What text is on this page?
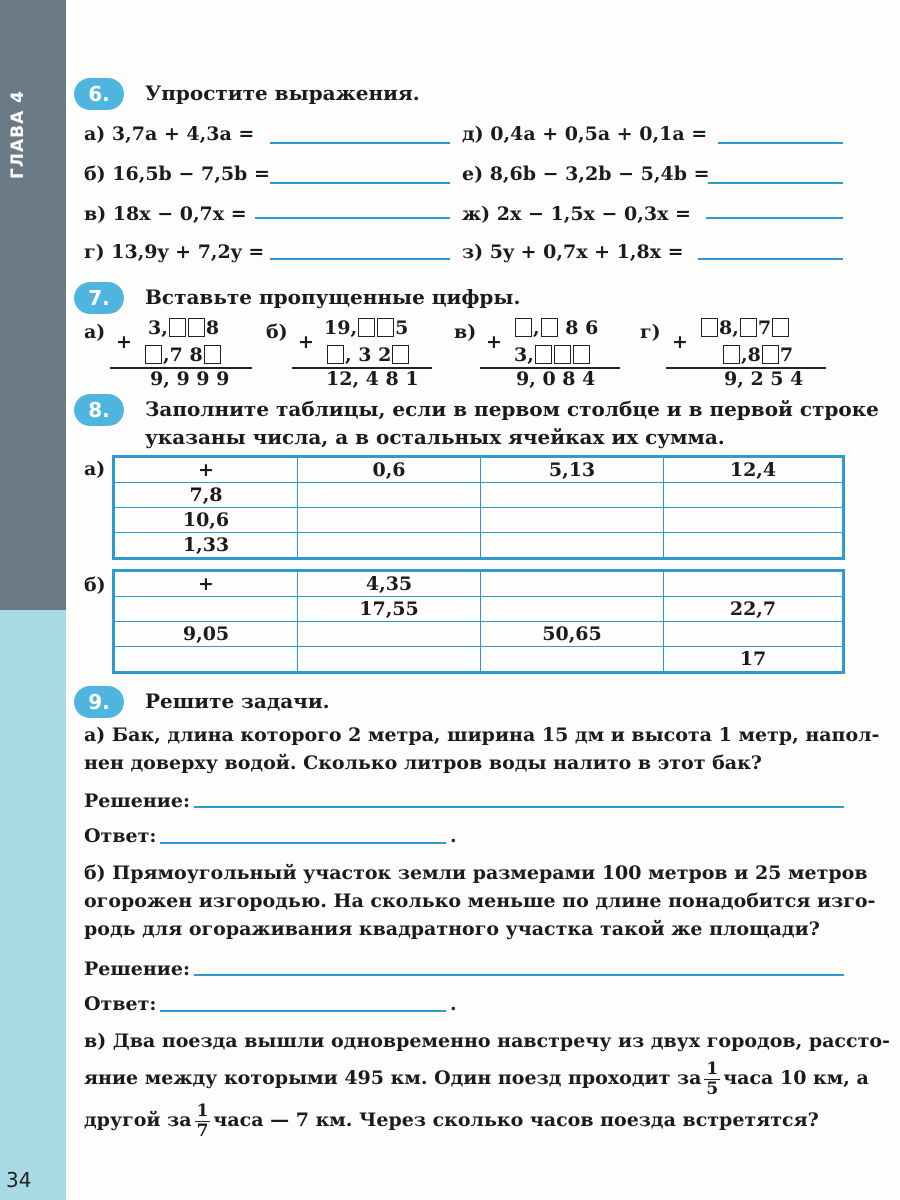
ГЛАВА 4
34
6.	Упростите выражения.
а) 3,7a + 4,3a =
б) 16,5b − 7,5b =
в) 18x − 0,7x =
г) 13,9y + 7,2y =
д) 0,4a + 0,5a + 0,1a =
е) 8,6b − 3,2b − 5,4b =
ж) 2x − 1,5x − 0,3x =
з) 5y + 0,7x + 1,8x =
7.	Вставьте пропущенные цифры.
а) 3, 8
+
,7 8
9, 9 9 9
б) 19, 5
+
, 3 2
12, 4 8 1
в)	, 8 6
+
3,
9, 0 8 4
г)	8, 7
+
,8 7
9, 2 5 4
8.	Заполните таблицы, если в первом столбце и в первой строке
указаны числа, а в остальных ячейках их сумма.
а)	+	0,6	5,13	12,4
7,8			
10,6			
1,33			
б)	+	4,35		
	17,55		22,7
9,05		50,65	
			17
9.	Решите задачи.
а) Бак, длина которого 2 метра, ширина 15 дм и высота 1 метр, напол-
нен доверху водой. Сколько литров воды налито в этот бак?
Решение:
Ответ:	.
б) Прямоугольный участок земли размерами 100 метров и 25 метров
огорожен изгородью. На сколько меньше по длине понадобится изго-
родь для огораживания квадратного участка такой же площади?
Решение:
Ответ:	.
в) Два поезда вышли одновременно навстречу из двух городов, расстo-
яние между которыми 495 км. Один поезд проходит за $\frac{1}{5}$ часа 10 км, а
другой за $\frac{1}{7}$ часа — 7 км. Через сколько часов поезда встретятся?
